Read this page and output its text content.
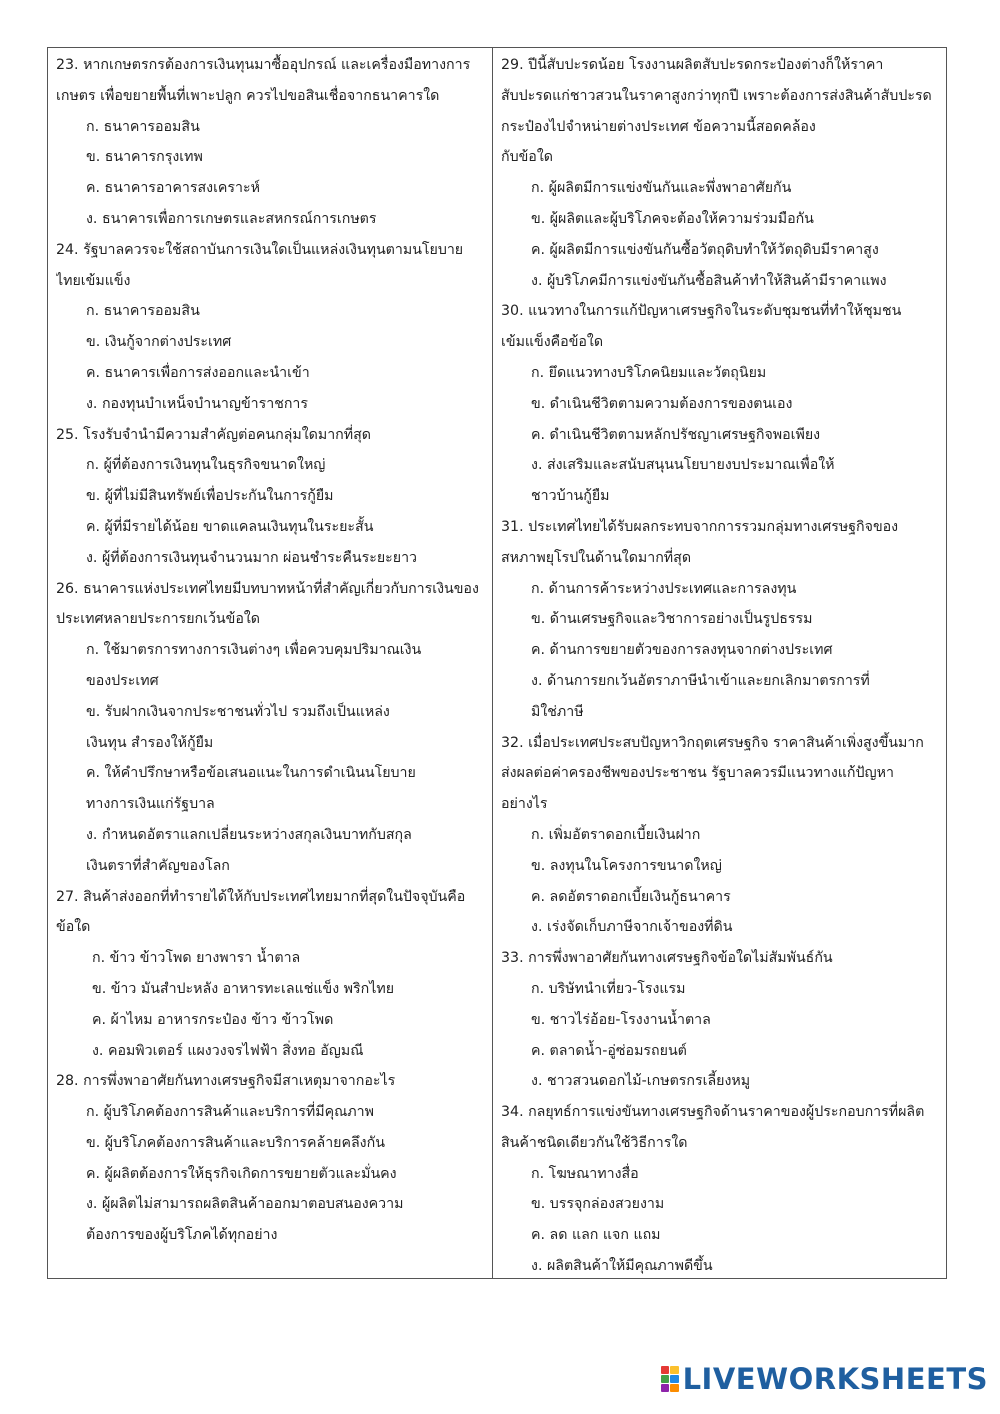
23. หากเกษตรกรต้องการเงินทุนมาซื้ออุปกรณ์ และเครื่องมือทางการ
เกษตร เพื่อขยายพื้นที่เพาะปลูก ควรไปขอสินเชื่อจากธนาคารใด
ก. ธนาคารออมสิน
ข. ธนาคารกรุงเทพ
ค. ธนาคารอาคารสงเคราะห์
ง. ธนาคารเพื่อการเกษตรและสหกรณ์การเกษตร
24. รัฐบาลควรจะใช้สถาบันการเงินใดเป็นแหล่งเงินทุนตามนโยบาย
ไทยเข้มแข็ง
ก. ธนาคารออมสิน
ข. เงินกู้จากต่างประเทศ
ค. ธนาคารเพื่อการส่งออกและนำเข้า
ง. กองทุนบำเหน็จบำนาญข้าราชการ
25. โรงรับจำนำมีความสำคัญต่อคนกลุ่มใดมากที่สุด
ก. ผู้ที่ต้องการเงินทุนในธุรกิจขนาดใหญ่
ข. ผู้ที่ไม่มีสินทรัพย์เพื่อประกันในการกู้ยืม
ค. ผู้ที่มีรายได้น้อย ขาดแคลนเงินทุนในระยะสั้น
ง. ผู้ที่ต้องการเงินทุนจำนวนมาก ผ่อนชำระคืนระยะยาว
26. ธนาคารแห่งประเทศไทยมีบทบาทหน้าที่สำคัญเกี่ยวกับการเงินของ
ประเทศหลายประการยกเว้นข้อใด
ก. ใช้มาตรการทางการเงินต่างๆ เพื่อควบคุมปริมาณเงิน
ของประเทศ
ข. รับฝากเงินจากประชาชนทั่วไป รวมถึงเป็นแหล่ง
เงินทุน สำรองให้กู้ยืม
ค. ให้คำปรึกษาหรือข้อเสนอแนะในการดำเนินนโยบาย
ทางการเงินแก่รัฐบาล
ง. กำหนดอัตราแลกเปลี่ยนระหว่างสกุลเงินบาทกับสกุล
เงินตราที่สำคัญของโลก
27. สินค้าส่งออกที่ทำรายได้ให้กับประเทศไทยมากที่สุดในปัจจุบันคือ
ข้อใด
ก. ข้าว ข้าวโพด ยางพารา น้ำตาล
ข. ข้าว มันสำปะหลัง อาหารทะเลแช่แข็ง พริกไทย
ค. ผ้าไหม อาหารกระป๋อง ข้าว ข้าวโพด
ง. คอมพิวเตอร์ แผงวงจรไฟฟ้า สิ่งทอ อัญมณี
28. การพึ่งพาอาศัยกันทางเศรษฐกิจมีสาเหตุมาจากอะไร
ก. ผู้บริโภคต้องการสินค้าและบริการที่มีคุณภาพ
ข. ผู้บริโภคต้องการสินค้าและบริการคล้ายคลึงกัน
ค. ผู้ผลิตต้องการให้ธุรกิจเกิดการขยายตัวและมั่นคง
ง. ผู้ผลิตไม่สามารถผลิตสินค้าออกมาตอบสนองความ
ต้องการของผู้บริโภคได้ทุกอย่าง
29. ปีนี้สับปะรดน้อย โรงงานผลิตสับปะรดกระป๋องต่างก็ให้ราคา
สับปะรดแก่ชาวสวนในราคาสูงกว่าทุกปี เพราะต้องการส่งสินค้าสับปะรด
กระป๋องไปจำหน่ายต่างประเทศ ข้อความนี้สอดคล้อง
กับข้อใด
ก. ผู้ผลิตมีการแข่งขันกันและพึ่งพาอาศัยกัน
ข. ผู้ผลิตและผู้บริโภคจะต้องให้ความร่วมมือกัน
ค. ผู้ผลิตมีการแข่งขันกันซื้อวัตถุดิบทำให้วัตถุดิบมีราคาสูง
ง. ผู้บริโภคมีการแข่งขันกันซื้อสินค้าทำให้สินค้ามีราคาแพง
30. แนวทางในการแก้ปัญหาเศรษฐกิจในระดับชุมชนที่ทำให้ชุมชน
เข้มแข็งคือข้อใด
ก. ยึดแนวทางบริโภคนิยมและวัตถุนิยม
ข. ดำเนินชีวิตตามความต้องการของตนเอง
ค. ดำเนินชีวิตตามหลักปรัชญาเศรษฐกิจพอเพียง
ง. ส่งเสริมและสนับสนุนนโยบายงบประมาณเพื่อให้
ชาวบ้านกู้ยืม
31. ประเทศไทยได้รับผลกระทบจากการรวมกลุ่มทางเศรษฐกิจของ
สหภาพยุโรปในด้านใดมากที่สุด
ก. ด้านการค้าระหว่างประเทศและการลงทุน
ข. ด้านเศรษฐกิจและวิชาการอย่างเป็นรูปธรรม
ค. ด้านการขยายตัวของการลงทุนจากต่างประเทศ
ง. ด้านการยกเว้นอัตราภาษีนำเข้าและยกเลิกมาตรการที่
มิใช่ภาษี
32. เมื่อประเทศประสบปัญหาวิกฤตเศรษฐกิจ ราคาสินค้าเพิ่งสูงขึ้นมาก
ส่งผลต่อค่าครองชีพของประชาชน รัฐบาลควรมีแนวทางแก้ปัญหา
อย่างไร
ก. เพิ่มอัตราดอกเบี้ยเงินฝาก
ข. ลงทุนในโครงการขนาดใหญ่
ค. ลดอัตราดอกเบี้ยเงินกู้ธนาคาร
ง. เร่งจัดเก็บภาษีจากเจ้าของที่ดิน
33. การพึ่งพาอาศัยกันทางเศรษฐกิจข้อใดไม่สัมพันธ์กัน
ก. บริษัทนำเที่ยว-โรงแรม
ข. ชาวไร่อ้อย-โรงงานน้ำตาล
ค. ตลาดน้ำ-อู่ซ่อมรถยนต์
ง. ชาวสวนดอกไม้-เกษตรกรเลี้ยงหมู
34. กลยุทธ์การแข่งขันทางเศรษฐกิจด้านราคาของผู้ประกอบการที่ผลิต
สินค้าชนิดเดียวกันใช้วิธีการใด
ก. โฆษณาทางสื่อ
ข. บรรจุกล่องสวยงาม
ค. ลด แลก แจก แถม
ง. ผลิตสินค้าให้มีคุณภาพดีขึ้น
LIVEWORKSHEETS
